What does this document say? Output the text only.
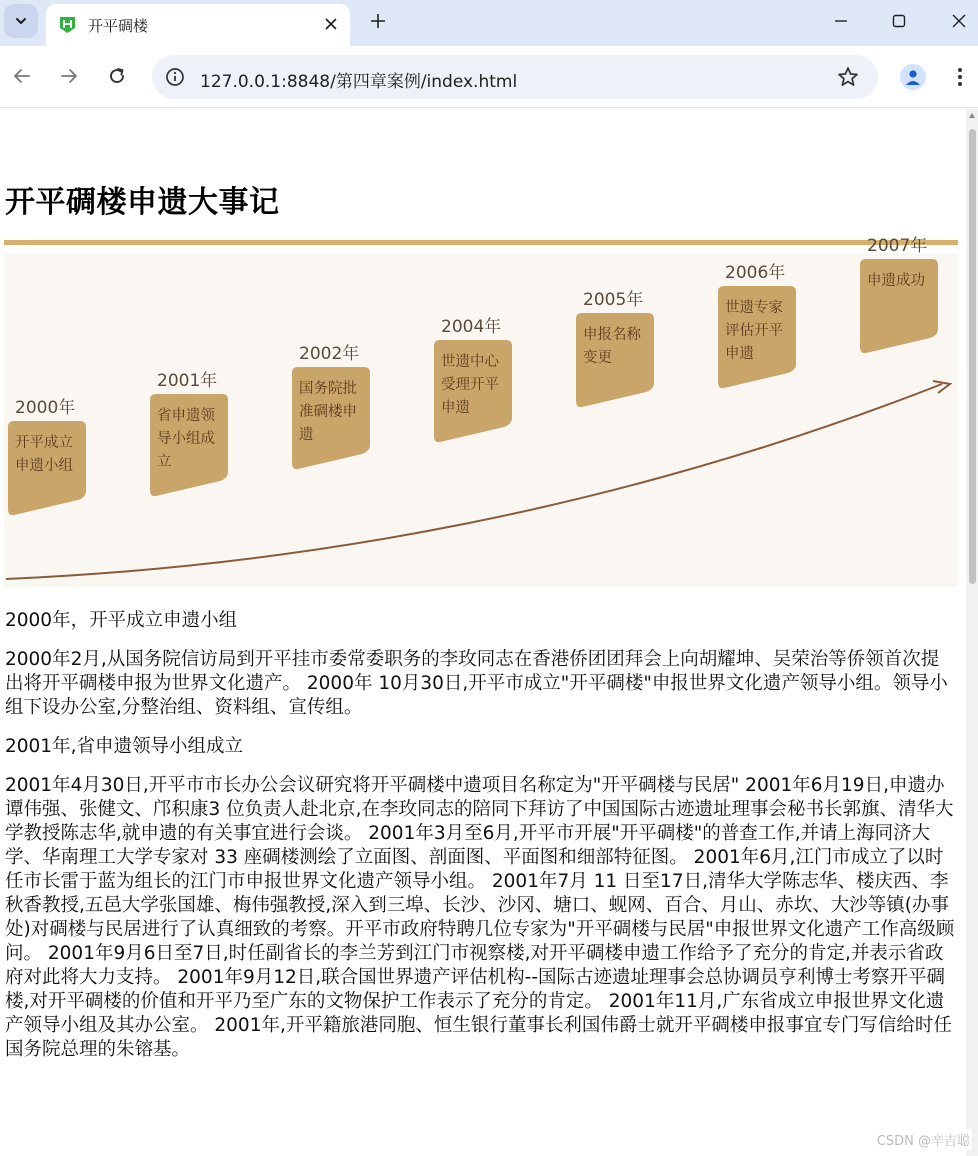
开平碉楼
127.0.0.1:8848/第四章案例/index.html
开平碉楼申遗大事记
2000年
开平成立
申遗小组
2001年
省申遗领
导小组成
立
2002年
国务院批
准碉楼申
遗
2004年
世遗中心
受理开平
申遗
2005年
申报名称
变更
2006年
世遗专家
评估开平
申遗
2007年
申遗成功

2000年，开平成立申遗小组

2000年2月,从国务院信访局到开平挂市委常委职务的李玫同志在香港侨团团拜会上向胡耀坤、吴荣治等侨领首次提出将开平碉楼申报为世界文化遗产。 2000年 10月30日,开平市成立"开平碉楼"申报世界文化遗产领导小组。领导小组下设办公室,分整治组、资料组、宣传组。

2001年,省申遗领导小组成立

2001年4月30日,开平市市长办公会议研究将开平碉楼中遗项目名称定为"开平碉楼与民居" 2001年6月19日,申遗办谭伟强、张健文、邝积康3 位负责人赴北京,在李玫同志的陪同下拜访了中国国际古迹遗址理事会秘书长郭旗、清华大学教授陈志华,就申遗的有关事宜进行会谈。 2001年3月至6月,开平市开展"开平碉楼"的普查工作,并请上海同济大学、华南理工大学专家对 33 座碉楼测绘了立面图、剖面图、平面图和细部特征图。 2001年6月,江门市成立了以时任市长雷于蓝为组长的江门市申报世界文化遗产领导小组。 2001年7月 11 日至17日,清华大学陈志华、楼庆西、李秋香教授,五邑大学张国雄、梅伟强教授,深入到三埠、长沙、沙冈、塘口、蚬网、百合、月山、赤坎、大沙等镇(办事处)对碉楼与民居进行了认真细致的考察。开平市政府特聘几位专家为"开平碉楼与民居"申报世界文化遗产工作高级顾问。 2001年9月6日至7日,时任副省长的李兰芳到江门市视察楼,对开平碉楼申遗工作给予了充分的肯定,并表示省政府对此将大力支持。 2001年9月12日,联合国世界遗产评估机构--国际古迹遗址理事会总协调员亨利博士考察开平碉楼,对开平碉楼的价值和开平乃至广东的文物保护工作表示了充分的肯定。 2001年11月,广东省成立申报世界文化遗产领导小组及其办公室。 2001年,开平籍旅港同胞、恒生银行董事长利国伟爵士就开平碉楼申报事宜专门写信给时任国务院总理的朱镕基。

CSDN @辛吉聪
